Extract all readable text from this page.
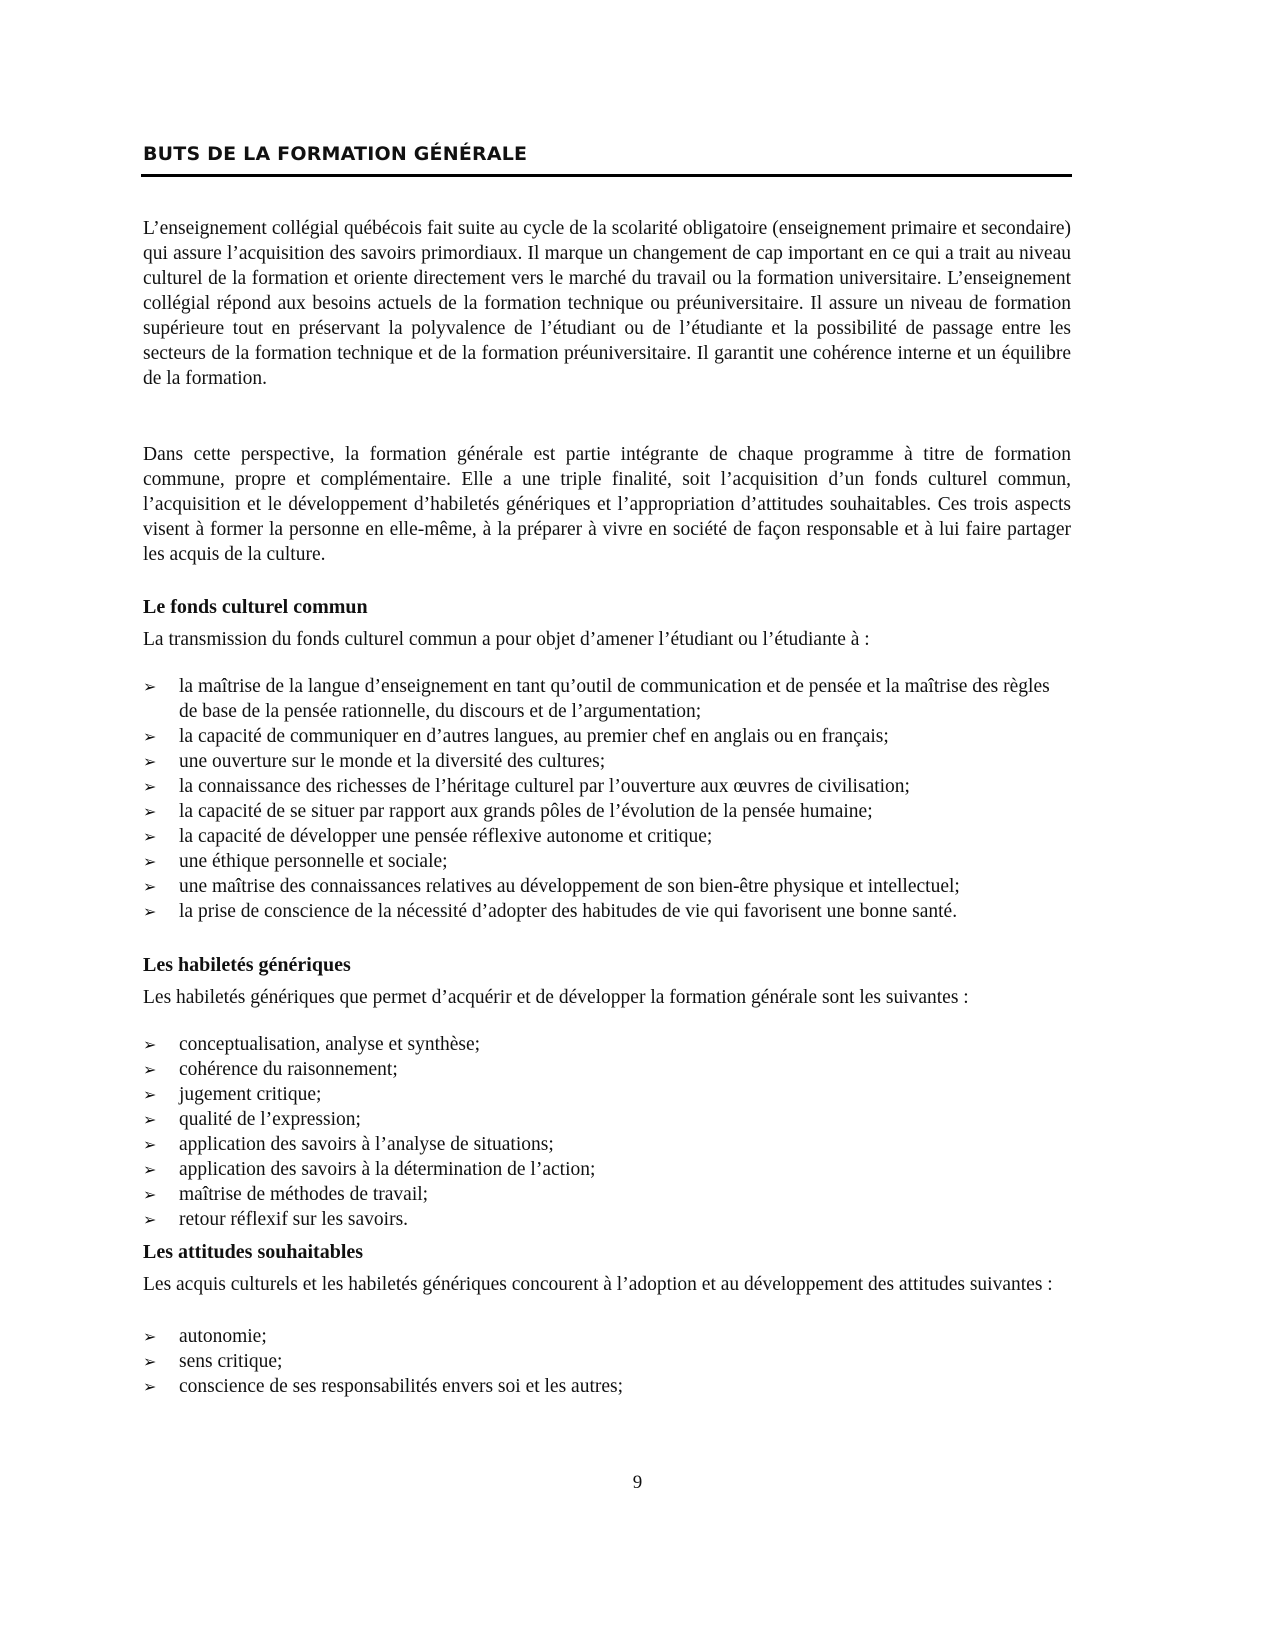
BUTS DE LA FORMATION GÉNÉRALE

L’enseignement collégial québécois fait suite au cycle de la scolarité obligatoire (enseignement primaire et secondaire) qui assure l’acquisition des savoirs primordiaux. Il marque un changement de cap important en ce qui a trait au niveau culturel de la formation et oriente directement vers le marché du travail ou la formation universitaire. L’enseignement collégial répond aux besoins actuels de la formation technique ou préuniversitaire. Il assure un niveau de formation supérieure tout en préservant la polyvalence de l’étudiant ou de l’étudiante et la possibilité de passage entre les secteurs de la formation technique et de la formation préuniversitaire. Il garantit une cohérence interne et un équilibre de la formation.

Dans cette perspective, la formation générale est partie intégrante de chaque programme à titre de formation commune, propre et complémentaire. Elle a une triple finalité, soit l’acquisition d’un fonds culturel commun, l’acquisition et le développement d’habiletés génériques et l’appropriation d’attitudes souhaitables. Ces trois aspects visent à former la personne en elle-même, à la préparer à vivre en société de façon responsable et à lui faire partager les acquis de la culture.

Le fonds culturel commun

La transmission du fonds culturel commun a pour objet d’amener l’étudiant ou l’étudiante à :

➢ la maîtrise de la langue d’enseignement en tant qu’outil de communication et de pensée et la maîtrise des règles de base de la pensée rationnelle, du discours et de l’argumentation;
➢ la capacité de communiquer en d’autres langues, au premier chef en anglais ou en français;
➢ une ouverture sur le monde et la diversité des cultures;
➢ la connaissance des richesses de l’héritage culturel par l’ouverture aux œuvres de civilisation;
➢ la capacité de se situer par rapport aux grands pôles de l’évolution de la pensée humaine;
➢ la capacité de développer une pensée réflexive autonome et critique;
➢ une éthique personnelle et sociale;
➢ une maîtrise des connaissances relatives au développement de son bien-être physique et intellectuel;
➢ la prise de conscience de la nécessité d’adopter des habitudes de vie qui favorisent une bonne santé.
Les habiletés génériques

Les habiletés génériques que permet d’acquérir et de développer la formation générale sont les suivantes :

➢ conceptualisation, analyse et synthèse;
➢ cohérence du raisonnement;
➢ jugement critique;
➢ qualité de l’expression;
➢ application des savoirs à l’analyse de situations;
➢ application des savoirs à la détermination de l’action;
➢ maîtrise de méthodes de travail;
➢ retour réflexif sur les savoirs.
Les attitudes souhaitables

Les acquis culturels et les habiletés génériques concourent à l’adoption et au développement des attitudes suivantes :

➢ autonomie;
➢ sens critique;
➢ conscience de ses responsabilités envers soi et les autres;
9
